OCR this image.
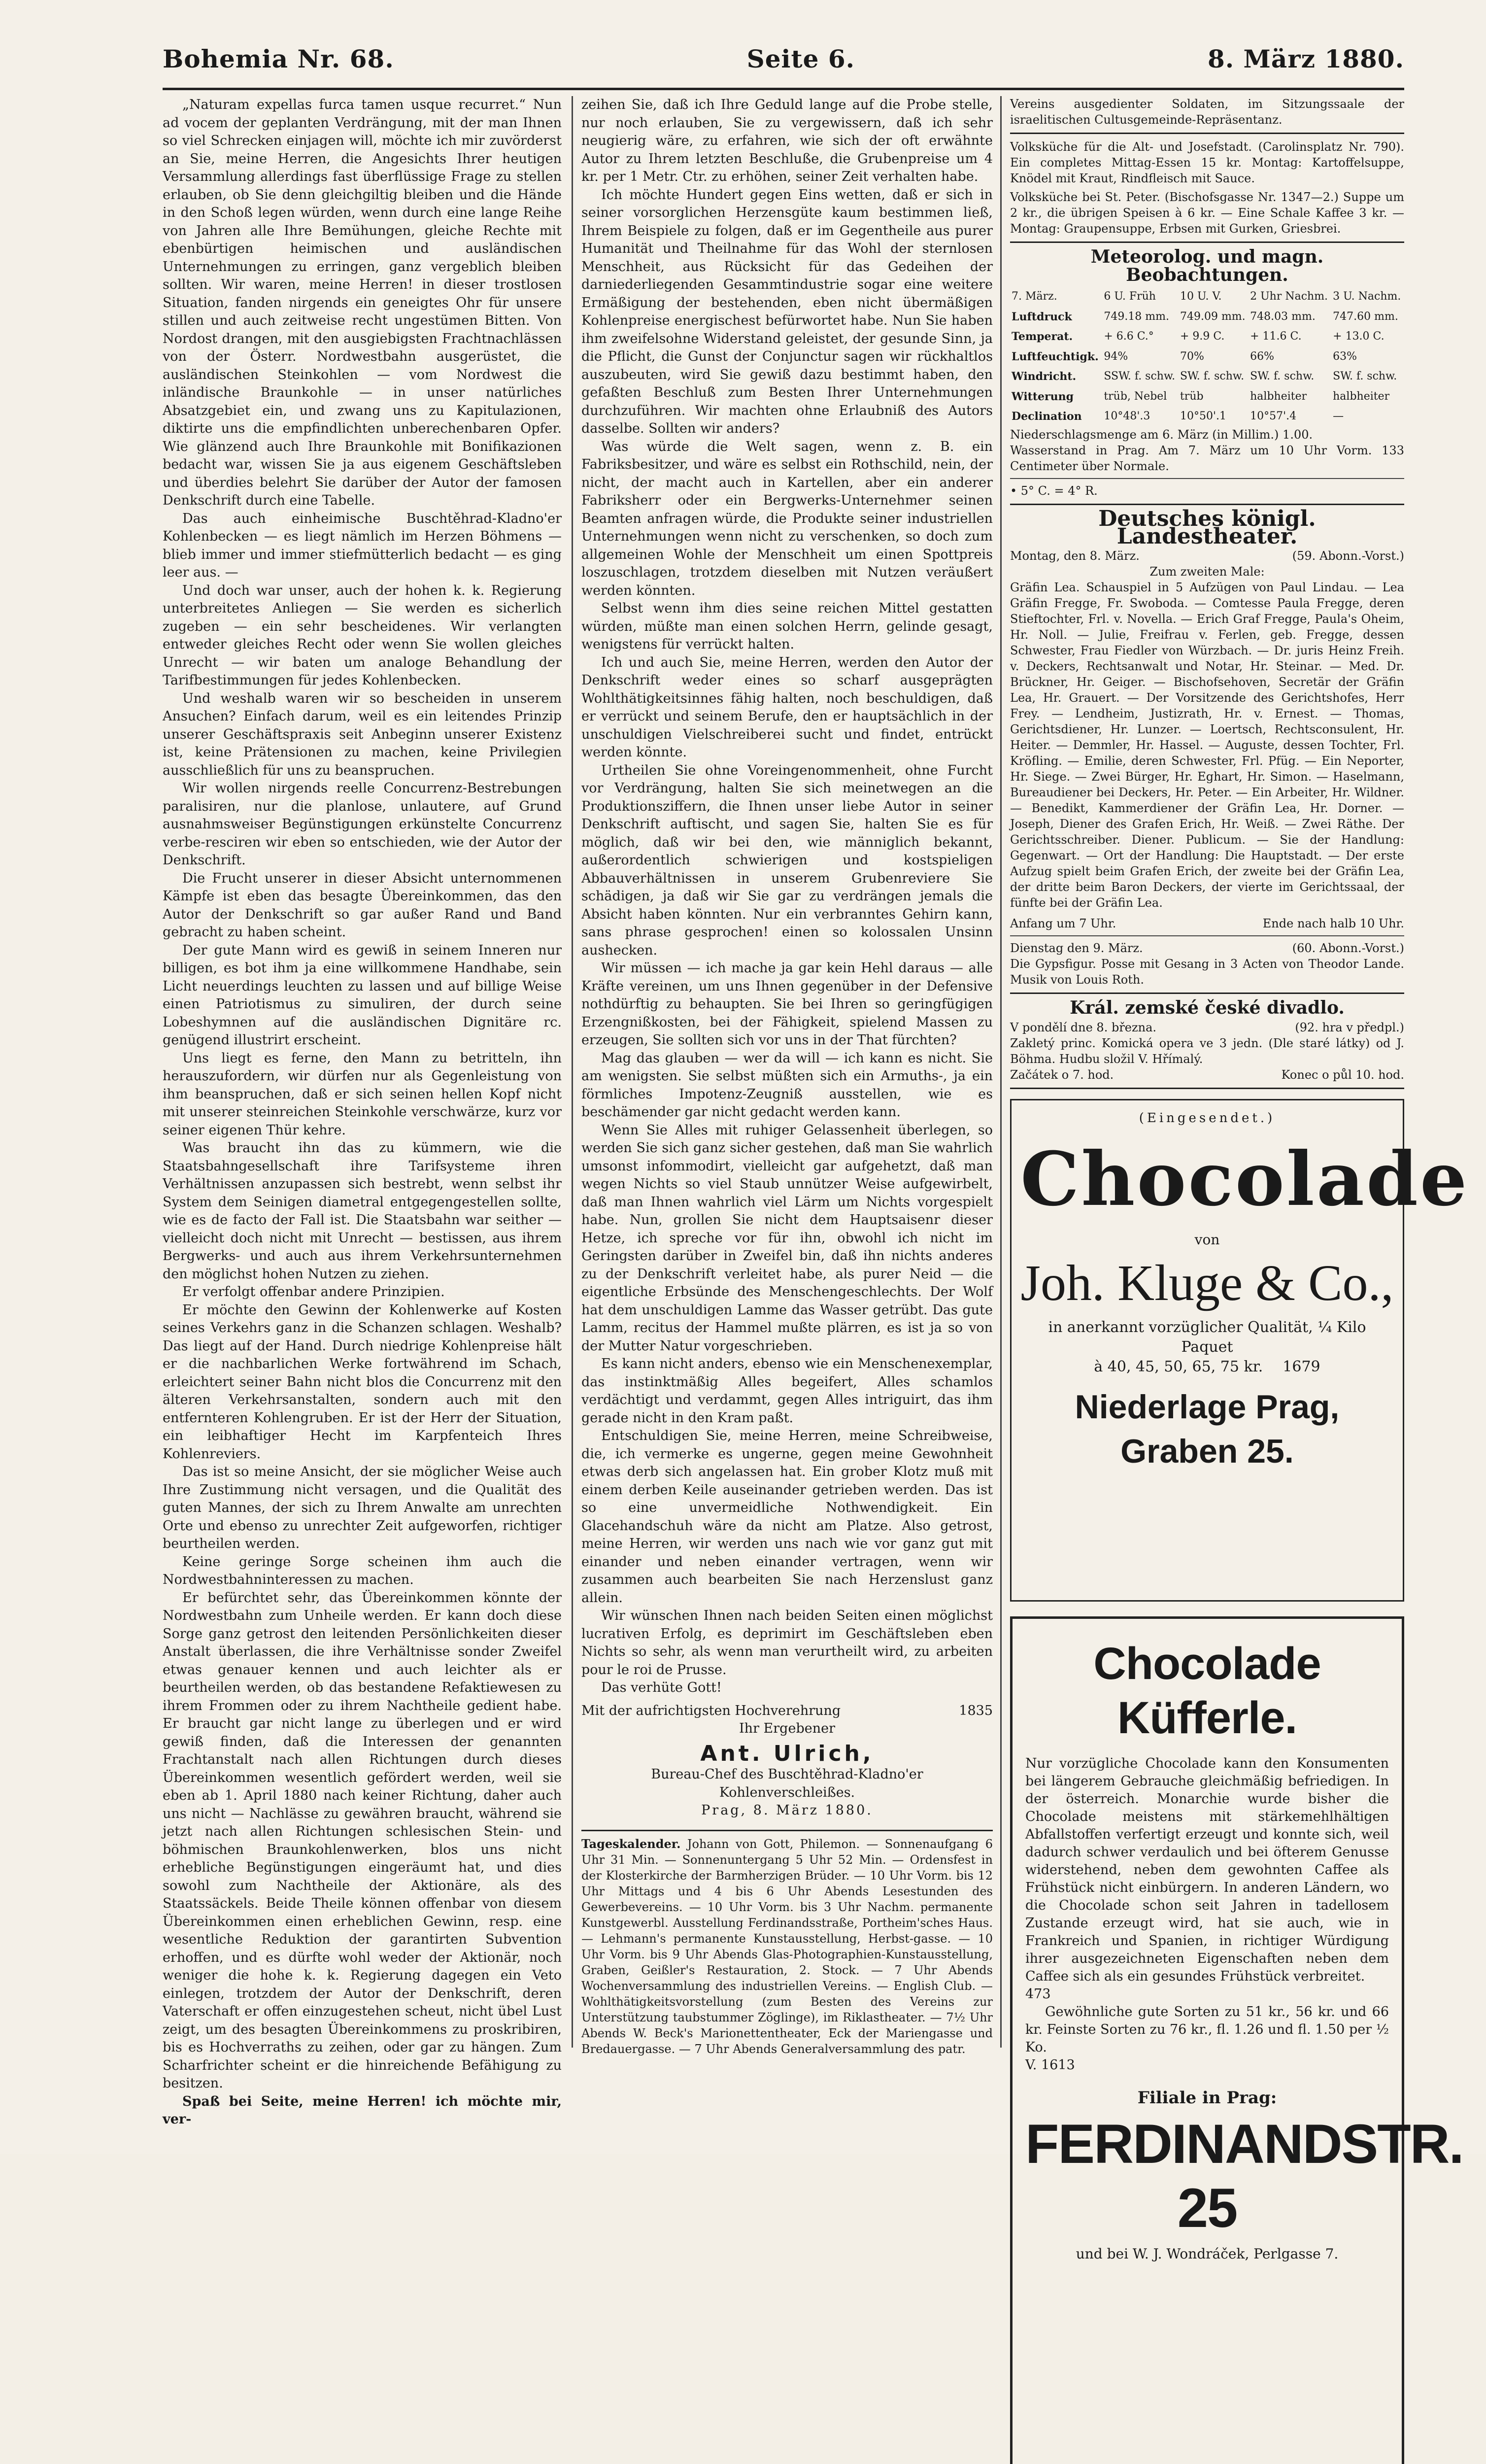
Bohemia Nr. 68.	Seite 6.	8. März 1880.

„Naturam expellas furca tamen usque recurret.“ Nun ad vocem der geplanten Verdrängung, mit der man Ihnen so viel Schrecken einjagen will, möchte ich mir zuvörderst an Sie, meine Herren, die Angesichts Ihrer heutigen Versammlung allerdings fast überflüssige Frage zu stellen erlauben, ob Sie denn gleichgiltig bleiben und die Hände in den Schoß legen würden, wenn durch eine lange Reihe von Jahren alle Ihre Bemühungen, gleiche Rechte mit ebenbürtigen heimischen und ausländischen Unternehmungen zu erringen, ganz vergeblich bleiben sollten. Wir waren, meine Herren! in dieser trostlosen Situation, fanden nirgends ein geneigtes Ohr für unsere stillen und auch zeitweise recht ungestümen Bitten. Von Nordost drangen, mit den ausgiebigsten Frachtnachlässen von der Österr. Nordwestbahn ausgerüstet, die ausländischen Steinkohlen — vom Nordwest die inländische Braunkohle — in unser natürliches Absatzgebiet ein, und zwang uns zu Kapitulazionen, diktirte uns die empfindlichten unberechenbaren Opfer. Wie glänzend auch Ihre Braunkohle mit Bonifikazionen bedacht war, wissen Sie ja aus eigenem Geschäftsleben und überdies belehrt Sie darüber der Autor der famosen Denkschrift durch eine Tabelle.

Das auch einheimische Buschtěhrad-Kladno'er Kohlenbecken — es liegt nämlich im Herzen Böhmens — blieb immer und immer stiefmütterlich bedacht — es ging leer aus. —

Und doch war unser, auch der hohen k. k. Regierung unterbreitetes Anliegen — Sie werden es sicherlich zugeben — ein sehr bescheidenes. Wir verlangten entweder gleiches Recht oder wenn Sie wollen gleiches Unrecht — wir baten um analoge Behandlung der Tarifbestimmungen für jedes Kohlenbecken.

Und weshalb waren wir so bescheiden in unserem Ansuchen? Einfach darum, weil es ein leitendes Prinzip unserer Geschäftspraxis seit Anbeginn unserer Existenz ist, keine Prätensionen zu machen, keine Privilegien ausschließlich für uns zu beanspruchen.

Wir wollen nirgends reelle Concurrenz-Bestrebungen paralisiren, nur die planlose, unlautere, auf Grund ausnahmsweiser Begünstigungen erkünstelte Concurrenz verbe-resciren wir eben so entschieden, wie der Autor der Denkschrift.

Die Frucht unserer in dieser Absicht unternommenen Kämpfe ist eben das besagte Übereinkommen, das den Autor der Denkschrift so gar außer Rand und Band gebracht zu haben scheint.

Der gute Mann wird es gewiß in seinem Inneren nur billigen, es bot ihm ja eine willkommene Handhabe, sein Licht neuerdings leuchten zu lassen und auf billige Weise einen Patriotismus zu simuliren, der durch seine Lobeshymnen auf die ausländischen Dignitäre rc. genügend illustrirt erscheint.

Uns liegt es ferne, den Mann zu betritteln, ihn herauszufordern, wir dürfen nur als Gegenleistung von ihm beanspruchen, daß er sich seinen hellen Kopf nicht mit unserer steinreichen Steinkohle verschwärze, kurz vor seiner eigenen Thür kehre.

Was braucht ihn das zu kümmern, wie die Staatsbahngesellschaft ihre Tarifsysteme ihren Verhältnissen anzupassen sich bestrebt, wenn selbst ihr System dem Seinigen diametral entgegengestellen sollte, wie es de facto der Fall ist. Die Staatsbahn war seither — vielleicht doch nicht mit Unrecht — bestissen, aus ihrem Bergwerks- und auch aus ihrem Verkehrsunternehmen den möglichst hohen Nutzen zu ziehen.

Er verfolgt offenbar andere Prinzipien.

Er möchte den Gewinn der Kohlenwerke auf Kosten seines Verkehrs ganz in die Schanzen schlagen. Weshalb? Das liegt auf der Hand. Durch niedrige Kohlenpreise hält er die nachbarlichen Werke fortwährend im Schach, erleichtert seiner Bahn nicht blos die Concurrenz mit den älteren Verkehrsanstalten, sondern auch mit den entfernteren Kohlengruben. Er ist der Herr der Situation, ein leibhaftiger Hecht im Karpfenteich Ihres Kohlenreviers.

Das ist so meine Ansicht, der sie möglicher Weise auch Ihre Zustimmung nicht versagen, und die Qualität des guten Mannes, der sich zu Ihrem Anwalte am unrechten Orte und ebenso zu unrechter Zeit aufgeworfen, richtiger beurtheilen werden.

Keine geringe Sorge scheinen ihm auch die Nordwestbahninteressen zu machen.

Er befürchtet sehr, das Übereinkommen könnte der Nordwestbahn zum Unheile werden. Er kann doch diese Sorge ganz getrost den leitenden Persönlichkeiten dieser Anstalt überlassen, die ihre Verhältnisse sonder Zweifel etwas genauer kennen und auch leichter als er beurtheilen werden, ob das bestandene Refaktiewesen zu ihrem Frommen oder zu ihrem Nachtheile gedient habe. Er braucht gar nicht lange zu überlegen und er wird gewiß finden, daß die Interessen der genannten Frachtanstalt nach allen Richtungen durch dieses Übereinkommen wesentlich gefördert werden, weil sie eben ab 1. April 1880 nach keiner Richtung, daher auch uns nicht — Nachlässe zu gewähren braucht, während sie jetzt nach allen Richtungen schlesischen Stein- und böhmischen Braunkohlenwerken, blos uns nicht erhebliche Begünstigungen eingeräumt hat, und dies sowohl zum Nachtheile der Aktionäre, als des Staatssäckels. Beide Theile können offenbar von diesem Übereinkommen einen erheblichen Gewinn, resp. eine wesentliche Reduktion der garantirten Subvention erhoffen, und es dürfte wohl weder der Aktionär, noch weniger die hohe k. k. Regierung dagegen ein Veto einlegen, trotzdem der Autor der Denkschrift, deren Vaterschaft er offen einzugestehen scheut, nicht übel Lust zeigt, um des besagten Übereinkommens zu proskribiren, bis es Hochverraths zu zeihen, oder gar zu hängen. Zum Scharfrichter scheint er die hinreichende Befähigung zu besitzen.

Spaß bei Seite, meine Herren! ich möchte mir, ver-

zeihen Sie, daß ich Ihre Geduld lange auf die Probe stelle, nur noch erlauben, Sie zu vergewissern, daß ich sehr neugierig wäre, zu erfahren, wie sich der oft erwähnte Autor zu Ihrem letzten Beschluße, die Grubenpreise um 4 kr. per 1 Metr. Ctr. zu erhöhen, seiner Zeit verhalten habe.

Ich möchte Hundert gegen Eins wetten, daß er sich in seiner vorsorglichen Herzensgüte kaum bestimmen ließ, Ihrem Beispiele zu folgen, daß er im Gegentheile aus purer Humanität und Theilnahme für das Wohl der sternlosen Menschheit, aus Rücksicht für das Gedeihen der darniederliegenden Gesammtindustrie sogar eine weitere Ermäßigung der bestehenden, eben nicht übermäßigen Kohlenpreise energischest befürwortet habe. Nun Sie haben ihm zweifelsohne Widerstand geleistet, der gesunde Sinn, ja die Pflicht, die Gunst der Conjunctur sagen wir rückhaltlos auszubeuten, wird Sie gewiß dazu bestimmt haben, den gefaßten Beschluß zum Besten Ihrer Unternehmungen durchzuführen. Wir machten ohne Erlaubniß des Autors dasselbe. Sollten wir anders?

Was würde die Welt sagen, wenn z. B. ein Fabriksbesitzer, und wäre es selbst ein Rothschild, nein, der nicht, der macht auch in Kartellen, aber ein anderer Fabriksherr oder ein Bergwerks-Unternehmer seinen Beamten anfragen würde, die Produkte seiner industriellen Unternehmungen wenn nicht zu verschenken, so doch zum allgemeinen Wohle der Menschheit um einen Spottpreis loszuschlagen, trotzdem dieselben mit Nutzen veräußert werden könnten.

Selbst wenn ihm dies seine reichen Mittel gestatten würden, müßte man einen solchen Herrn, gelinde gesagt, wenigstens für verrückt halten.

Ich und auch Sie, meine Herren, werden den Autor der Denkschrift weder eines so scharf ausgeprägten Wohlthätigkeitsinnes fähig halten, noch beschuldigen, daß er verrückt und seinem Berufe, den er hauptsächlich in der unschuldigen Vielschreiberei sucht und findet, entrückt werden könnte.

Urtheilen Sie ohne Voreingenommenheit, ohne Furcht vor Verdrängung, halten Sie sich meinetwegen an die Produktionsziffern, die Ihnen unser liebe Autor in seiner Denkschrift auftischt, und sagen Sie, halten Sie es für möglich, daß wir bei den, wie männiglich bekannt, außerordentlich schwierigen und kostspieligen Abbauverhältnissen in unserem Grubenreviere Sie schädigen, ja daß wir Sie gar zu verdrängen jemals die Absicht haben könnten. Nur ein verbranntes Gehirn kann, sans phrase gesprochen! einen so kolossalen Unsinn aushecken.

Wir müssen — ich mache ja gar kein Hehl daraus — alle Kräfte vereinen, um uns Ihnen gegenüber in der Defensive nothdürftig zu behaupten. Sie bei Ihren so geringfügigen Erzengnißkosten, bei der Fähigkeit, spielend Massen zu erzeugen, Sie sollten sich vor uns in der That fürchten?

Mag das glauben — wer da will — ich kann es nicht. Sie am wenigsten. Sie selbst müßten sich ein Armuths-, ja ein förmliches Impotenz-Zeugniß ausstellen, wie es beschämender gar nicht gedacht werden kann.

Wenn Sie Alles mit ruhiger Gelassenheit überlegen, so werden Sie sich ganz sicher gestehen, daß man Sie wahrlich umsonst infommodirt, vielleicht gar aufgehetzt, daß man wegen Nichts so viel Staub unnützer Weise aufgewirbelt, daß man Ihnen wahrlich viel Lärm um Nichts vorgespielt habe. Nun, grollen Sie nicht dem Hauptsaisenr dieser Hetze, ich spreche vor für ihn, obwohl ich nicht im Geringsten darüber in Zweifel bin, daß ihn nichts anderes zu der Denkschrift verleitet habe, als purer Neid — die eigentliche Erbsünde des Menschengeschlechts. Der Wolf hat dem unschuldigen Lamme das Wasser getrübt. Das gute Lamm, recitus der Hammel mußte plärren, es ist ja so von der Mutter Natur vorgeschrieben.

Es kann nicht anders, ebenso wie ein Menschenexemplar, das instinktmäßig Alles begeifert, Alles schamlos verdächtigt und verdammt, gegen Alles intriguirt, das ihm gerade nicht in den Kram paßt.

Entschuldigen Sie, meine Herren, meine Schreibweise, die, ich vermerke es ungerne, gegen meine Gewohnheit etwas derb sich angelassen hat. Ein grober Klotz muß mit einem derben Keile auseinander getrieben werden. Das ist so eine unvermeidliche Nothwendigkeit. Ein Glacehandschuh wäre da nicht am Platze. Also getrost, meine Herren, wir werden uns nach wie vor ganz gut mit einander und neben einander vertragen, wenn wir zusammen auch bearbeiten Sie nach Herzenslust ganz allein.

Wir wünschen Ihnen nach beiden Seiten einen möglichst lucrativen Erfolg, es deprimirt im Geschäftsleben eben Nichts so sehr, als wenn man verurtheilt wird, zu arbeiten pour le roi de Prusse.

Das verhüte Gott!

Mit der aufrichtigsten Hochverehrung	1835
Ihr Ergebener
Ant. Ulrich,
Bureau-Chef des Buschtěhrad-Kladno'er Kohlenverschleißes.
Prag, 8. März 1880.
Tageskalender. Johann von Gott, Philemon. — Sonnenaufgang 6 Uhr 31 Min. — Sonnenuntergang 5 Uhr 52 Min. — Ordensfest in der Klosterkirche der Barmherzigen Brüder. — 10 Uhr Vorm. bis 12 Uhr Mittags und 4 bis 6 Uhr Abends Lesestunden des Gewerbevereins. — 10 Uhr Vorm. bis 3 Uhr Nachm. permanente Kunstgewerbl. Ausstellung Ferdinandsstraße, Portheim'sches Haus. — Lehmann's permanente Kunstausstellung, Herbst-gasse. — 10 Uhr Vorm. bis 9 Uhr Abends Glas-Photographien-Kunstausstellung, Graben, Geißler's Restauration, 2. Stock. — 7 Uhr Abends Wochenversammlung des industriellen Vereins. — English Club. — Wohlthätigkeitsvorstellung (zum Besten des Vereins zur Unterstützung taubstummer Zöglinge), im Riklastheater. — 7½ Uhr Abends W. Beck's Marionettentheater, Eck der Mariengasse und Bredauergasse. — 7 Uhr Abends Generalversammlung des patr.
Vereins ausgedienter Soldaten, im Sitzungssaale der israelitischen Cultusgemeinde-Repräsentanz.
Volksküche für die Alt- und Josefstadt. (Carolinsplatz Nr. 790). Ein completes Mittag-Essen 15 kr. Montag: Kartoffelsuppe, Knödel mit Kraut, Rindfleisch mit Sauce.
Volksküche bei St. Peter. (Bischofsgasse Nr. 1347—2.) Suppe um 2 kr., die übrigen Speisen à 6 kr. — Eine Schale Kaffee 3 kr. — Montag: Graupensuppe, Erbsen mit Gurken, Griesbrei.
Meteorolog. und magn. Beobachtungen.
7. März.	6 U. Früh	10 U. V.	2 Uhr Nachm.	3 U. Nachm.
Luftdruck	749.18 mm.	749.09 mm.	748.03 mm.	747.60 mm.
Temperat.	+ 6.6 C.°	+ 9.9 C.	+ 11.6 C.	+ 13.0 C.
Luftfeuchtigk.	94%	70%	66%	63%
Windricht.	SSW. f. schw.	SW. f. schw.	SW. f. schw.	SW. f. schw.
Witterung	trüb, Nebel	trüb	halbheiter	halbheiter
Declination	10°48'.3	10°50'.1	10°57'.4	—
Niederschlagsmenge am 6. März (in Millim.) 1.00.
Wasserstand in Prag. Am 7. März um 10 Uhr Vorm. 133 Centimeter über Normale.
• 5° C. = 4° R.
Deutsches königl. Landestheater.
Montag, den 8. März.	(59. Abonn.-Vorst.)
Zum zweiten Male:
Gräfin Lea. Schauspiel in 5 Aufzügen von Paul Lindau. — Lea Gräfin Fregge, Fr. Swoboda. — Comtesse Paula Fregge, deren Stieftochter, Frl. v. Novella. — Erich Graf Fregge, Paula's Oheim, Hr. Noll. — Julie, Freifrau v. Ferlen, geb. Fregge, dessen Schwester, Frau Fiedler von Würzbach. — Dr. juris Heinz Freih. v. Deckers, Rechtsanwalt und Notar, Hr. Steinar. — Med. Dr. Brückner, Hr. Geiger. — Bischofsehoven, Secretär der Gräfin Lea, Hr. Grauert. — Der Vorsitzende des Gerichtshofes, Herr Frey. — Lendheim, Justizrath, Hr. v. Ernest. — Thomas, Gerichtsdiener, Hr. Lunzer. — Loertsch, Rechtsconsulent, Hr. Heiter. — Demmler, Hr. Hassel. — Auguste, dessen Tochter, Frl. Kröfling. — Emilie, deren Schwester, Frl. Pfüg. — Ein Neporter, Hr. Siege. — Zwei Bürger, Hr. Eghart, Hr. Simon. — Haselmann, Bureaudiener bei Deckers, Hr. Peter. — Ein Arbeiter, Hr. Wildner. — Benedikt, Kammerdiener der Gräfin Lea, Hr. Dorner. — Joseph, Diener des Grafen Erich, Hr. Weiß. — Zwei Räthe. Der Gerichtsschreiber. Diener. Publicum. — Sie der Handlung: Gegenwart. — Ort der Handlung: Die Hauptstadt. — Der erste Aufzug spielt beim Grafen Erich, der zweite bei der Gräfin Lea, der dritte beim Baron Deckers, der vierte im Gerichtssaal, der fünfte bei der Gräfin Lea.
Anfang um 7 Uhr.	Ende nach halb 10 Uhr.
Dienstag den 9. März.	(60. Abonn.-Vorst.)
Die Gypsfigur. Posse mit Gesang in 3 Acten von Theodor Lande. Musik von Louis Roth.
Král. zemské české divadlo.
V pondělí dne 8. března.	(92. hra v předpl.)
Zakletý princ. Komická opera ve 3 jedn. (Dle staré látky) od J. Böhma. Hudbu složil V. Hřímalý.
Začátek o 7. hod.	Konec o půl 10. hod.
(Eingesendet.)
Chocolade
von
Joh. Kluge & Co.,
in anerkannt vorzüglicher Qualität, ¼ Kilo Paquet
à 40, 45, 50, 65, 75 kr. 1679
Niederlage Prag, Graben 25.
Chocolade Küfferle.
Nur vorzügliche Chocolade kann den Konsumenten bei längerem Gebrauche gleichmäßig befriedigen. In der österreich. Monarchie wurde bisher die Chocolade meistens mit stärkemehlhältigen Abfallstoffen verfertigt erzeugt und konnte sich, weil dadurch schwer verdaulich und bei öfterem Genusse widerstehend, neben dem gewohnten Caffee als Frühstück nicht einbürgern. In anderen Ländern, wo die Chocolade schon seit Jahren in tadellosem Zustande erzeugt wird, hat sie auch, wie in Frankreich und Spanien, in richtiger Würdigung ihrer ausgezeichneten Eigenschaften neben dem Caffee sich als ein gesundes Frühstück verbreitet.
473
Gewöhnliche gute Sorten zu 51 kr., 56 kr. und 66 kr. Feinste Sorten zu 76 kr., fl. 1.26 und fl. 1.50 per ½ Ko.
V. 1613
Filiale in Prag:
FERDINANDSTR. 25
und bei W. J. Wondráček, Perlgasse 7.
